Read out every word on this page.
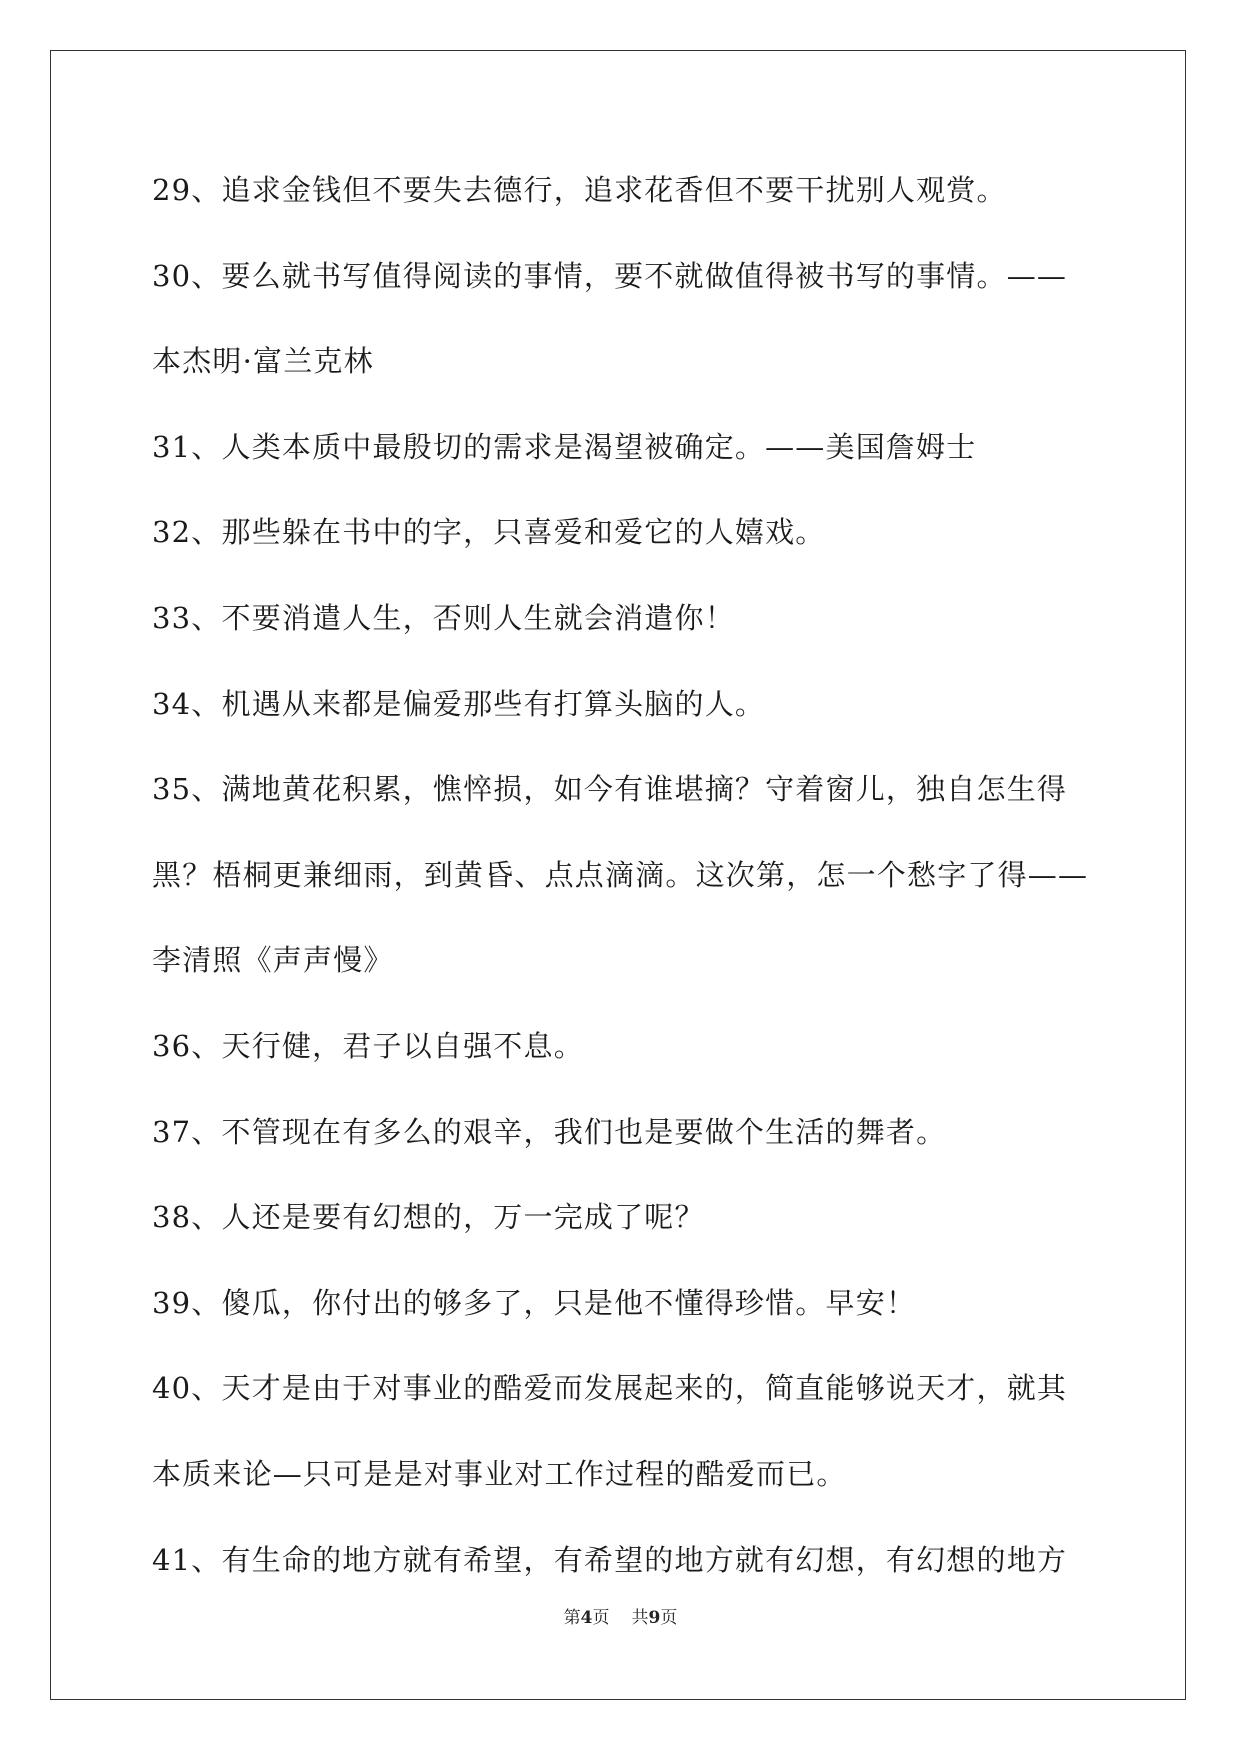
29、追求金钱但不要失去德行，追求花香但不要干扰别人观赏。
30、要么就书写值得阅读的事情，要不就做值得被书写的事情。——
本杰明·富兰克林
31、人类本质中最殷切的需求是渴望被确定。——美国詹姆士
32、那些躲在书中的字，只喜爱和爱它的人嬉戏。
33、不要消遣人生，否则人生就会消遣你！
34、机遇从来都是偏爱那些有打算头脑的人。
35、满地黄花积累，憔悴损，如今有谁堪摘？守着窗儿，独自怎生得
黑？梧桐更兼细雨，到黄昏、点点滴滴。这次第，怎一个愁字了得——
李清照《声声慢》
36、天行健，君子以自强不息。
37、不管现在有多么的艰辛，我们也是要做个生活的舞者。
38、人还是要有幻想的，万一完成了呢？
39、傻瓜，你付出的够多了，只是他不懂得珍惜。早安！
40、天才是由于对事业的酷爱而发展起来的，简直能够说天才，就其
本质来论—只可是是对事业对工作过程的酷爱而已。
41、有生命的地方就有希望，有希望的地方就有幻想，有幻想的地方
第4页 共9页
